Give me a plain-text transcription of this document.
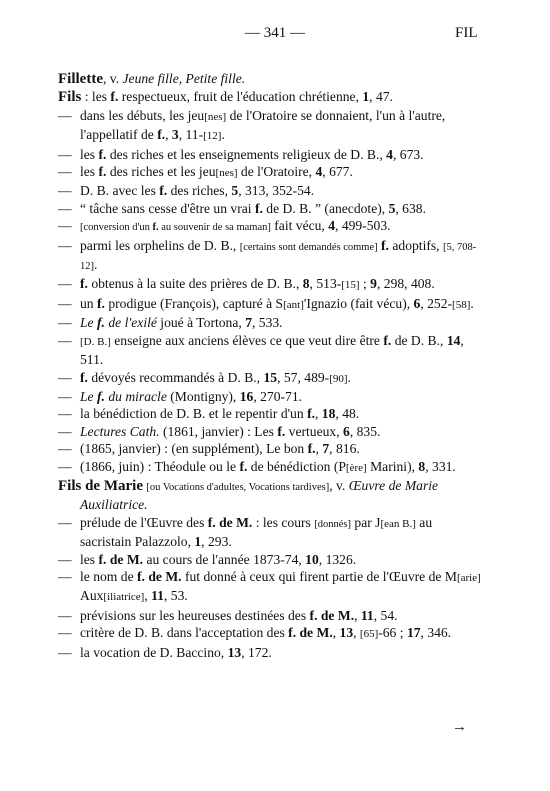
— 341 —	FIL

Fillette, v. Jeune fille, Petite fille.

Fils : les f. respectueux, fruit de l'éducation chrétienne, 1, 47.

— dans les débuts, les jeu[nes] de l'Oratoire se donnaient, l'un à l'autre, l'appellatif de f., 3, 11-[12].

— les f. des riches et les enseignements religieux de D. B., 4, 673.

— les f. des riches et les jeu[nes] de l'Oratoire, 4, 677.

— D. B. avec les f. des riches, 5, 313, 352-54.

— “ tâche sans cesse d'être un vrai f. de D. B. ” (anecdote), 5, 638.

— [conversion d'un f. au souvenir de sa maman] fait vécu, 4, 499-503.

— parmi les orphelins de D. B., [certains sont demandés comme] f. adoptifs, [5, 708-12].

— f. obtenus à la suite des prières de D. B., 8, 513-[15] ; 9, 298, 408.

— un f. prodigue (François), capturé à S[ant]'Ignazio (fait vécu), 6, 252-[58].

— Le f. de l'exilé joué à Tortona, 7, 533.

— [D. B.] enseigne aux anciens élèves ce que veut dire être f. de D. B., 14, 511.

— f. dévoyés recommandés à D. B., 15, 57, 489-[90].

— Le f. du miracle (Montigny), 16, 270-71.

— la bénédiction de D. B. et le repentir d'un f., 18, 48.

— Lectures Cath. (1861, janvier) : Les f. vertueux, 6, 835.

— (1865, janvier) : (en supplément), Le bon f., 7, 816.

— (1866, juin) : Théodule ou le f. de bénédiction (P[ère] Marini), 8, 331.

Fils de Marie [ou Vocations d'adultes, Vocations tardives], v. Œuvre de Marie Auxiliatrice.

— prélude de l'Œuvre des f. de M. : les cours [donnés] par J[ean B.] au sacristain Palazzolo, 1, 293.

— les f. de M. au cours de l'année 1873-74, 10, 1326.

— le nom de f. de M. fut donné à ceux qui firent partie de l'Œuvre de M[arie] Aux[iliatrice], 11, 53.

— prévisions sur les heureuses destinées des f. de M., 11, 54.

— critère de D. B. dans l'acceptation des f. de M., 13, [65]-66 ; 17, 346.

— la vocation de D. Baccino, 13, 172.

→
